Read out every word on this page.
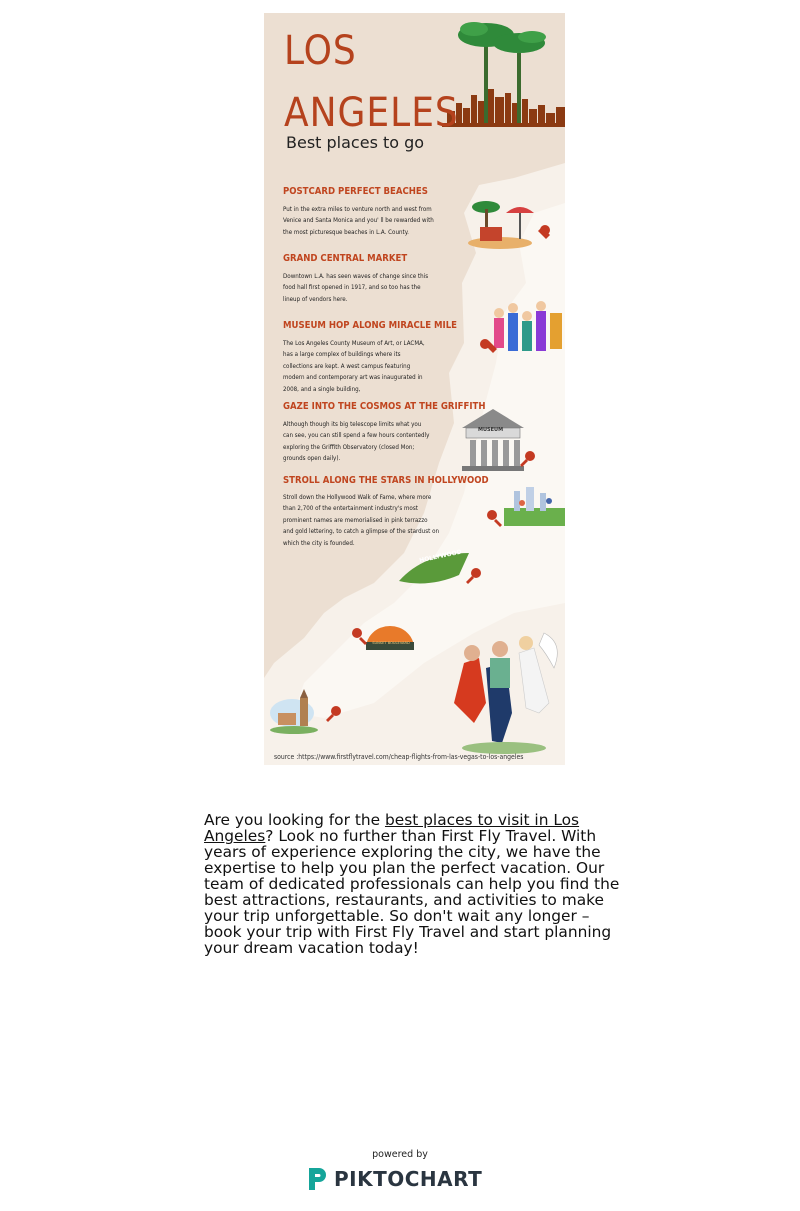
LOS
ANGELES
Best places to go
POSTCARD PERFECT BEACHES

Put in the extra miles to venture north and west from Venice and Santa Monica and you' ll be rewarded with the most picturesque beaches in L.A. County.

GRAND CENTRAL MARKET

Downtown L.A. has seen waves of change since this food hall first opened in 1917, and so too has the lineup of vendors here.

MUSEUM HOP ALONG MIRACLE MILE

The Los Angeles County Museum of Art, or LACMA, has a large complex of buildings where its collections are kept. A west campus featuring modern and contemporary art was inaugurated in 2008, and a single building,

GAZE INTO THE COSMOS AT THE GRIFFITH

Although though its big telescope limits what you can see, you can still spend a few hours contentedly exploring the Griffith Observatory (closed Mon; grounds open daily).

STROLL ALONG THE STARS IN HOLLYWOOD

Stroll down the Hollywood Walk of Fame, where more than 2,700 of the entertainment industry's most prominent names are memorialised in pink terrazzo and gold lettering, to catch a glimpse of the stardust on which the city is founded.

MUSEUM
HOLLYWOOD
SUNSET BOULEVARD
source :https://www.firstflytravel.com/cheap-flights-from-las-vegas-to-los-angeles

Are you looking for the best places to visit in Los Angeles? Look no further than First Fly Travel. With years of experience exploring the city, we have the expertise to help you plan the perfect vacation. Our team of dedicated professionals can help you find the best attractions, restaurants, and activities to make your trip unforgettable. So don't wait any longer – book your trip with First Fly Travel and start planning your dream vacation today!

powered by
PIKTOCHART
